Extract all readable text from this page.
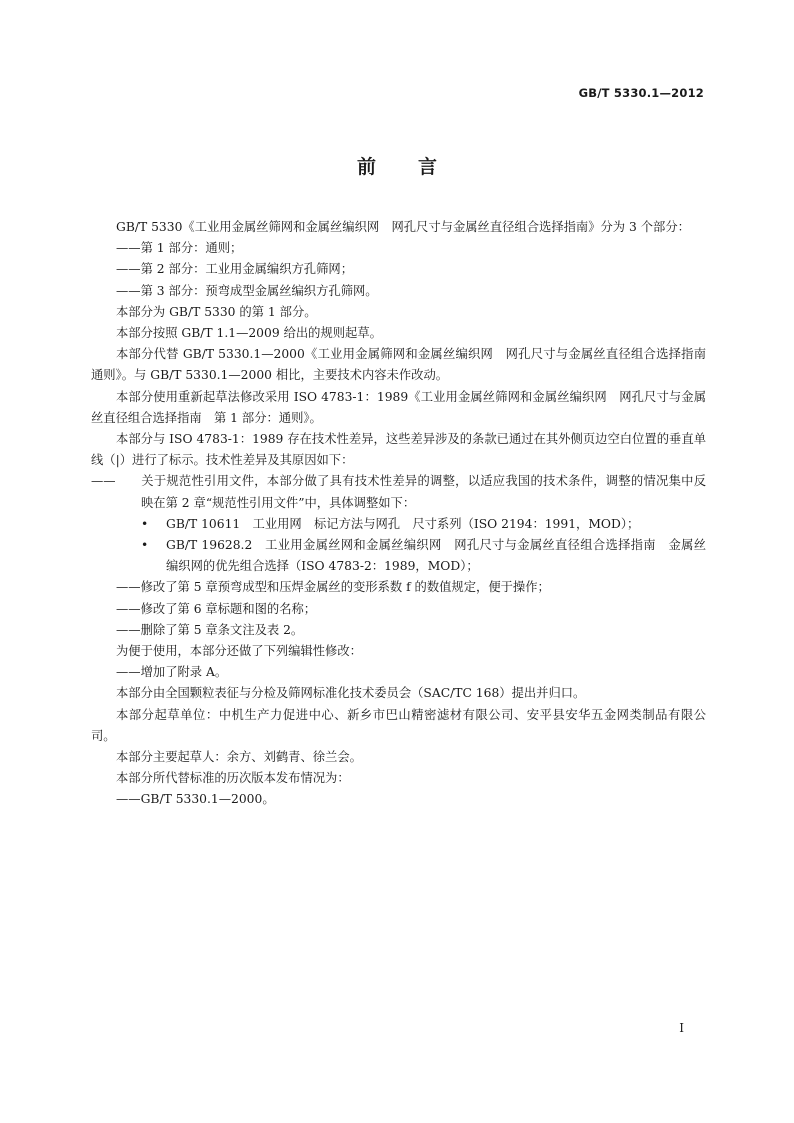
GB/T 5330.1—2012
前言

GB/T 5330《工业用金属丝筛网和金属丝编织网　网孔尺寸与金属丝直径组合选择指南》分为 3 个部分：

——第 1 部分：通则；

——第 2 部分：工业用金属编织方孔筛网；

——第 3 部分：预弯成型金属丝编织方孔筛网。

本部分为 GB/T 5330 的第 1 部分。

本部分按照 GB/T 1.1—2009 给出的规则起草。

本部分代替 GB/T 5330.1—2000《工业用金属筛网和金属丝编织网　网孔尺寸与金属丝直径组合选择指南　通则》。与 GB/T 5330.1—2000 相比，主要技术内容未作改动。

本部分使用重新起草法修改采用 ISO 4783-1：1989《工业用金属丝筛网和金属丝编织网　网孔尺寸与金属丝直径组合选择指南　第 1 部分：通则》。

本部分与 ISO 4783-1：1989 存在技术性差异，这些差异涉及的条款已通过在其外侧页边空白位置的垂直单线（|）进行了标示。技术性差异及其原因如下：

—— 关于规范性引用文件，本部分做了具有技术性差异的调整，以适应我国的技术条件，调整的情况集中反映在第 2 章“规范性引用文件”中，具体调整如下：

• GB/T 10611　工业用网　标记方法与网孔　尺寸系列（ISO 2194：1991，MOD）；

• GB/T 19628.2　工业用金属丝网和金属丝编织网　网孔尺寸与金属丝直径组合选择指南　金属丝编织网的优先组合选择（ISO 4783-2：1989，MOD）；

——修改了第 5 章预弯成型和压焊金属丝的变形系数 f 的数值规定，便于操作；

——修改了第 6 章标题和图的名称；

——删除了第 5 章条文注及表 2。

为便于使用，本部分还做了下列编辑性修改：

——增加了附录 A。

本部分由全国颗粒表征与分检及筛网标准化技术委员会（SAC/TC 168）提出并归口。

本部分起草单位：中机生产力促进中心、新乡市巴山精密滤材有限公司、安平县安华五金网类制品有限公司。

本部分主要起草人：余方、刘鹤青、徐兰会。

本部分所代替标准的历次版本发布情况为：

——GB/T 5330.1—2000。

I
